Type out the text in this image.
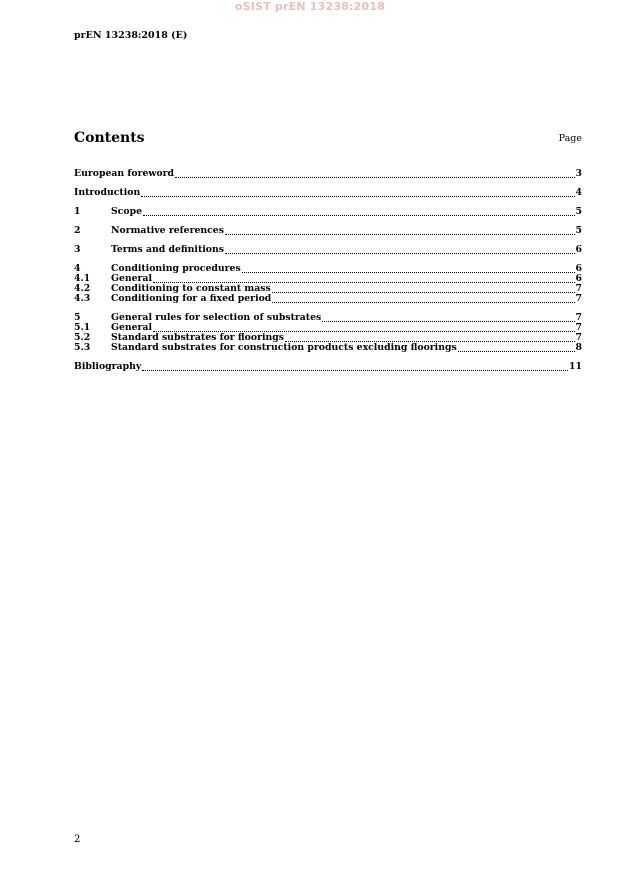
oSIST prEN 13238:2018
prEN 13238:2018 (E)
Contents	Page
European foreword	3
Introduction	4
1	Scope	5
2	Normative references	5
3	Terms and definitions	6
4	Conditioning procedures	6
4.1	General	6
4.2	Conditioning to constant mass	7
4.3	Conditioning for a fixed period	7
5	General rules for selection of substrates	7
5.1	General	7
5.2	Standard substrates for floorings	7
5.3	Standard substrates for construction products excluding floorings	8
Bibliography	11
2
